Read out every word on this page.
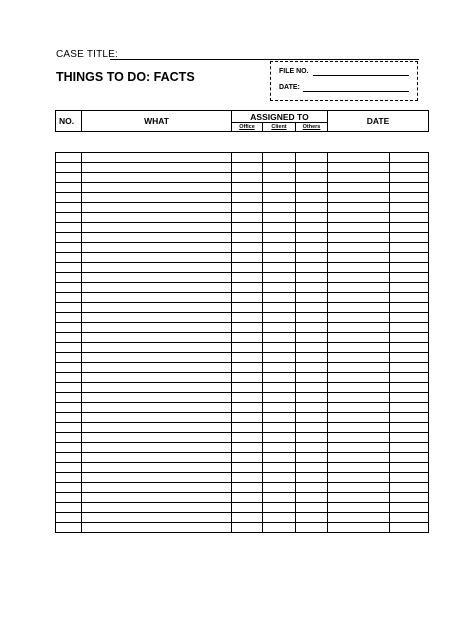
CASE TITLE:
THINGS TO DO: FACTS	FILE NO.
DATE:
NO.	WHAT	ASSIGNED TO			DATE
		Office	Client	Others	
